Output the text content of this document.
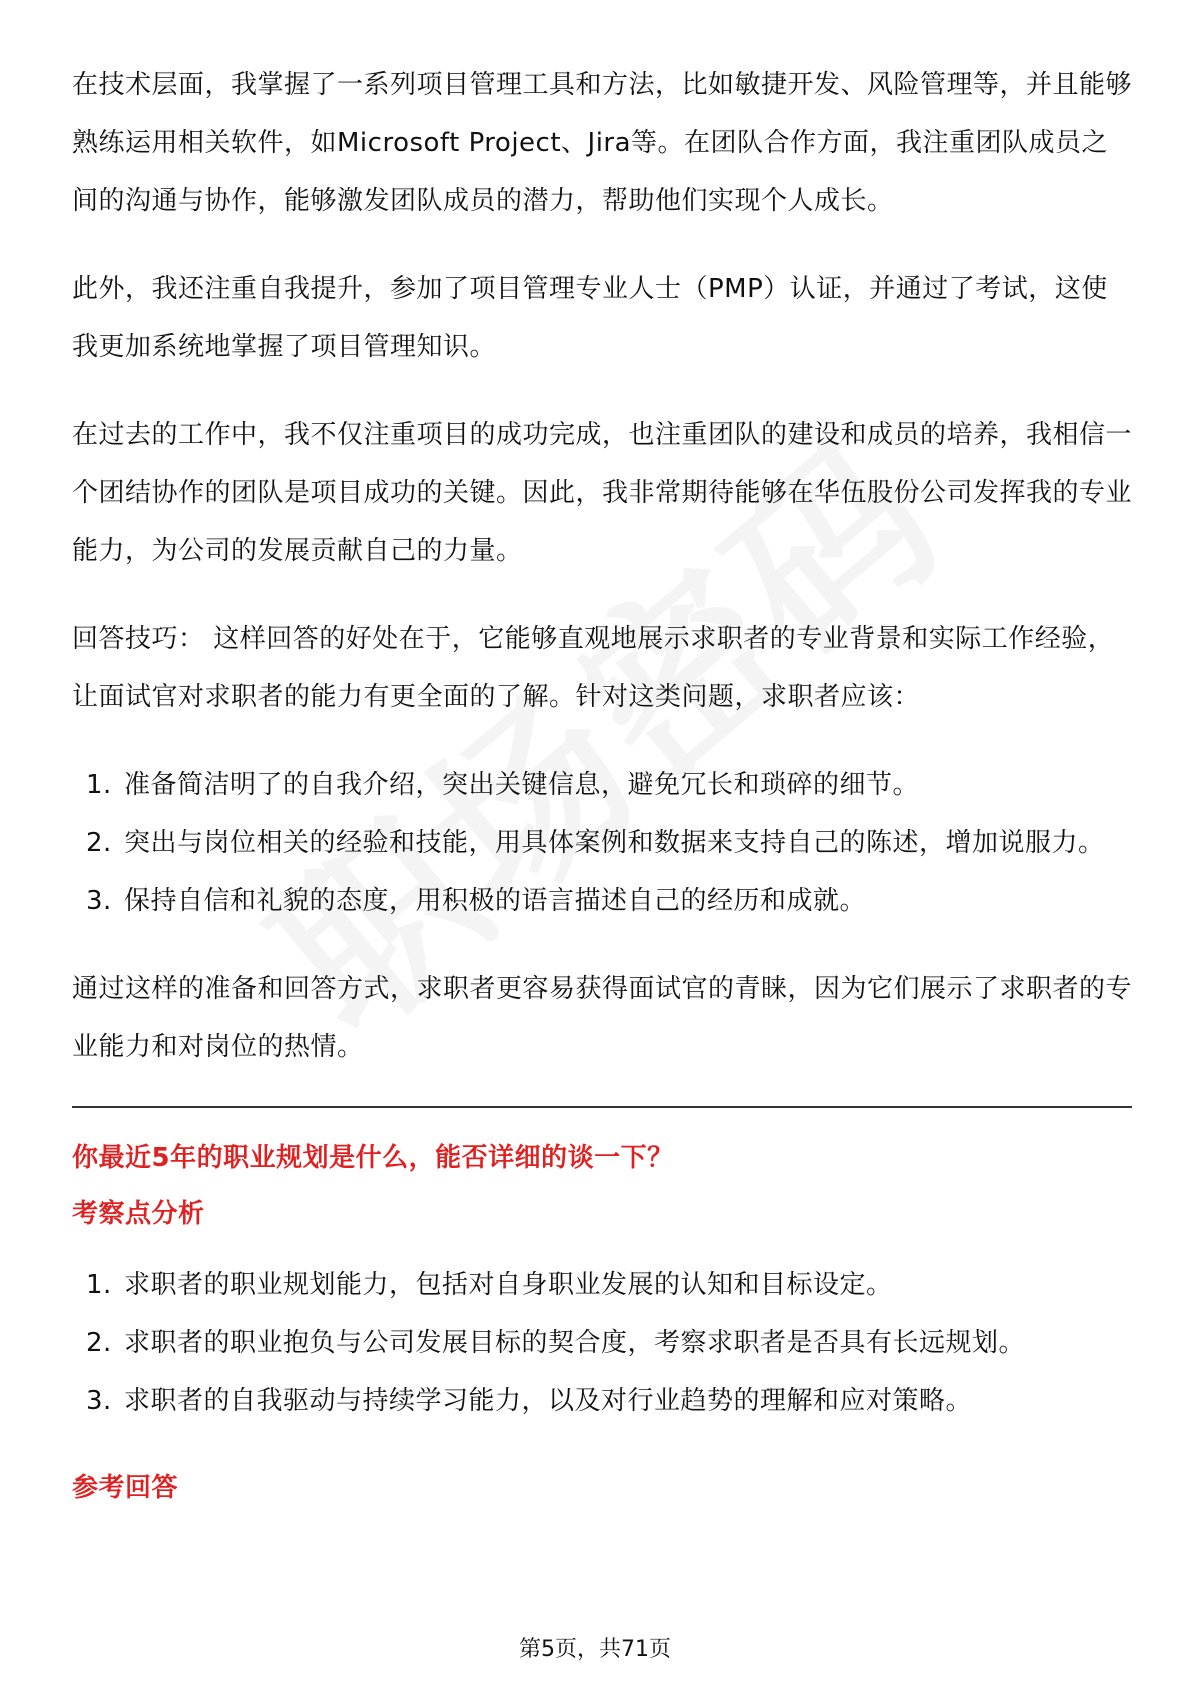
在技术层面，我掌握了一系列项目管理工具和方法，比如敏捷开发、风险管理等，并且能够熟练运用相关软件，如Microsoft Project、Jira等。在团队合作方面，我注重团队成员之间的沟通与协作，能够激发团队成员的潜力，帮助他们实现个人成长。

此外，我还注重自我提升，参加了项目管理专业人士（PMP）认证，并通过了考试，这使我更加系统地掌握了项目管理知识。

在过去的工作中，我不仅注重项目的成功完成，也注重团队的建设和成员的培养，我相信一个团结协作的团队是项目成功的关键。因此，我非常期待能够在华伍股份公司发挥我的专业能力，为公司的发展贡献自己的力量。

回答技巧： 这样回答的好处在于，它能够直观地展示求职者的专业背景和实际工作经验，让面试官对求职者的能力有更全面的了解。针对这类问题，求职者应该：

1. 准备简洁明了的自我介绍，突出关键信息，避免冗长和琐碎的细节。
2. 突出与岗位相关的经验和技能，用具体案例和数据来支持自己的陈述，增加说服力。
3. 保持自信和礼貌的态度，用积极的语言描述自己的经历和成就。

通过这样的准备和回答方式，求职者更容易获得面试官的青睐，因为它们展示了求职者的专业能力和对岗位的热情。

你最近5年的职业规划是什么，能否详细的谈一下？
考察点分析
1. 求职者的职业规划能力，包括对自身职业发展的认知和目标设定。
2. 求职者的职业抱负与公司发展目标的契合度，考察求职者是否具有长远规划。
3. 求职者的自我驱动与持续学习能力，以及对行业趋势的理解和应对策略。
参考回答
第5页，共71页
